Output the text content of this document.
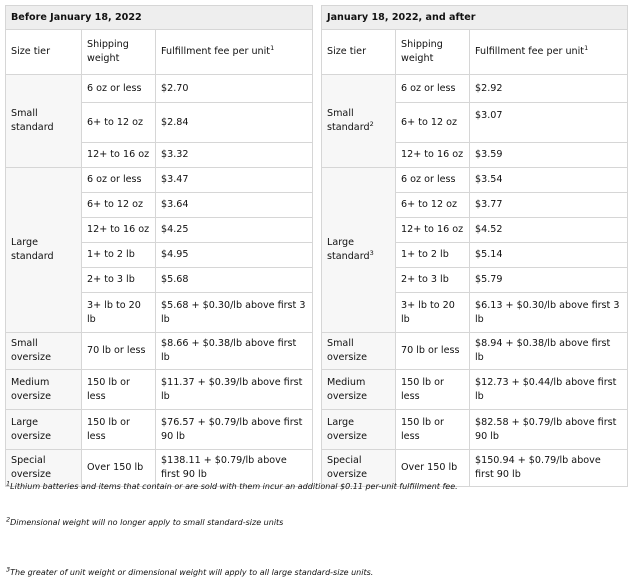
Before January 18, 2022		
Size tier	Shipping weight	Fulfillment fee per unit$^1$
Small standard	6 oz or less	$2.70
	6+ to 12 oz	$2.84
	12+ to 16 oz	$3.32
Large standard	6 oz or less	$3.47
	6+ to 12 oz	$3.64
	12+ to 16 oz	$4.25
	1+ to 2 lb	$4.95
	2+ to 3 lb	$5.68
	3+ lb to 20 lb	$5.68 + $0.30/lb above first 3 lb
Small oversize	70 lb or less	$8.66 + $0.38/lb above first lb
Medium oversize	150 lb or less	$11.37 + $0.39/lb above first lb
Large oversize	150 lb or less	$76.57 + $0.79/lb above first 90 lb
Special oversize	Over 150 lb	$138.11 + $0.79/lb above first 90 lb
January 18, 2022, and after		
Size tier	Shipping weight	Fulfillment fee per unit$^1$
Small standard$^2$	6 oz or less	$2.92
	6+ to 12 oz	$3.07
	12+ to 16 oz	$3.59
Large standard$^3$	6 oz or less	$3.54
	6+ to 12 oz	$3.77
	12+ to 16 oz	$4.52
	1+ to 2 lb	$5.14
	2+ to 3 lb	$5.79
	3+ lb to 20 lb	$6.13 + $0.30/lb above first 3 lb
Small oversize	70 lb or less	$8.94 + $0.38/lb above first lb
Medium oversize	150 lb or less	$12.73 + $0.44/lb above first lb
Large oversize	150 lb or less	$82.58 + $0.79/lb above first 90 lb
Special oversize	Over 150 lb	$150.94 + $0.79/lb above first 90 lb
$^1$Lithium batteries and items that contain or are sold with them incur an additional $0.11 per-unit fulfillment fee.
$^2$Dimensional weight will no longer apply to small standard-size units
$^3$The greater of unit weight or dimensional weight will apply to all large standard-size units.
